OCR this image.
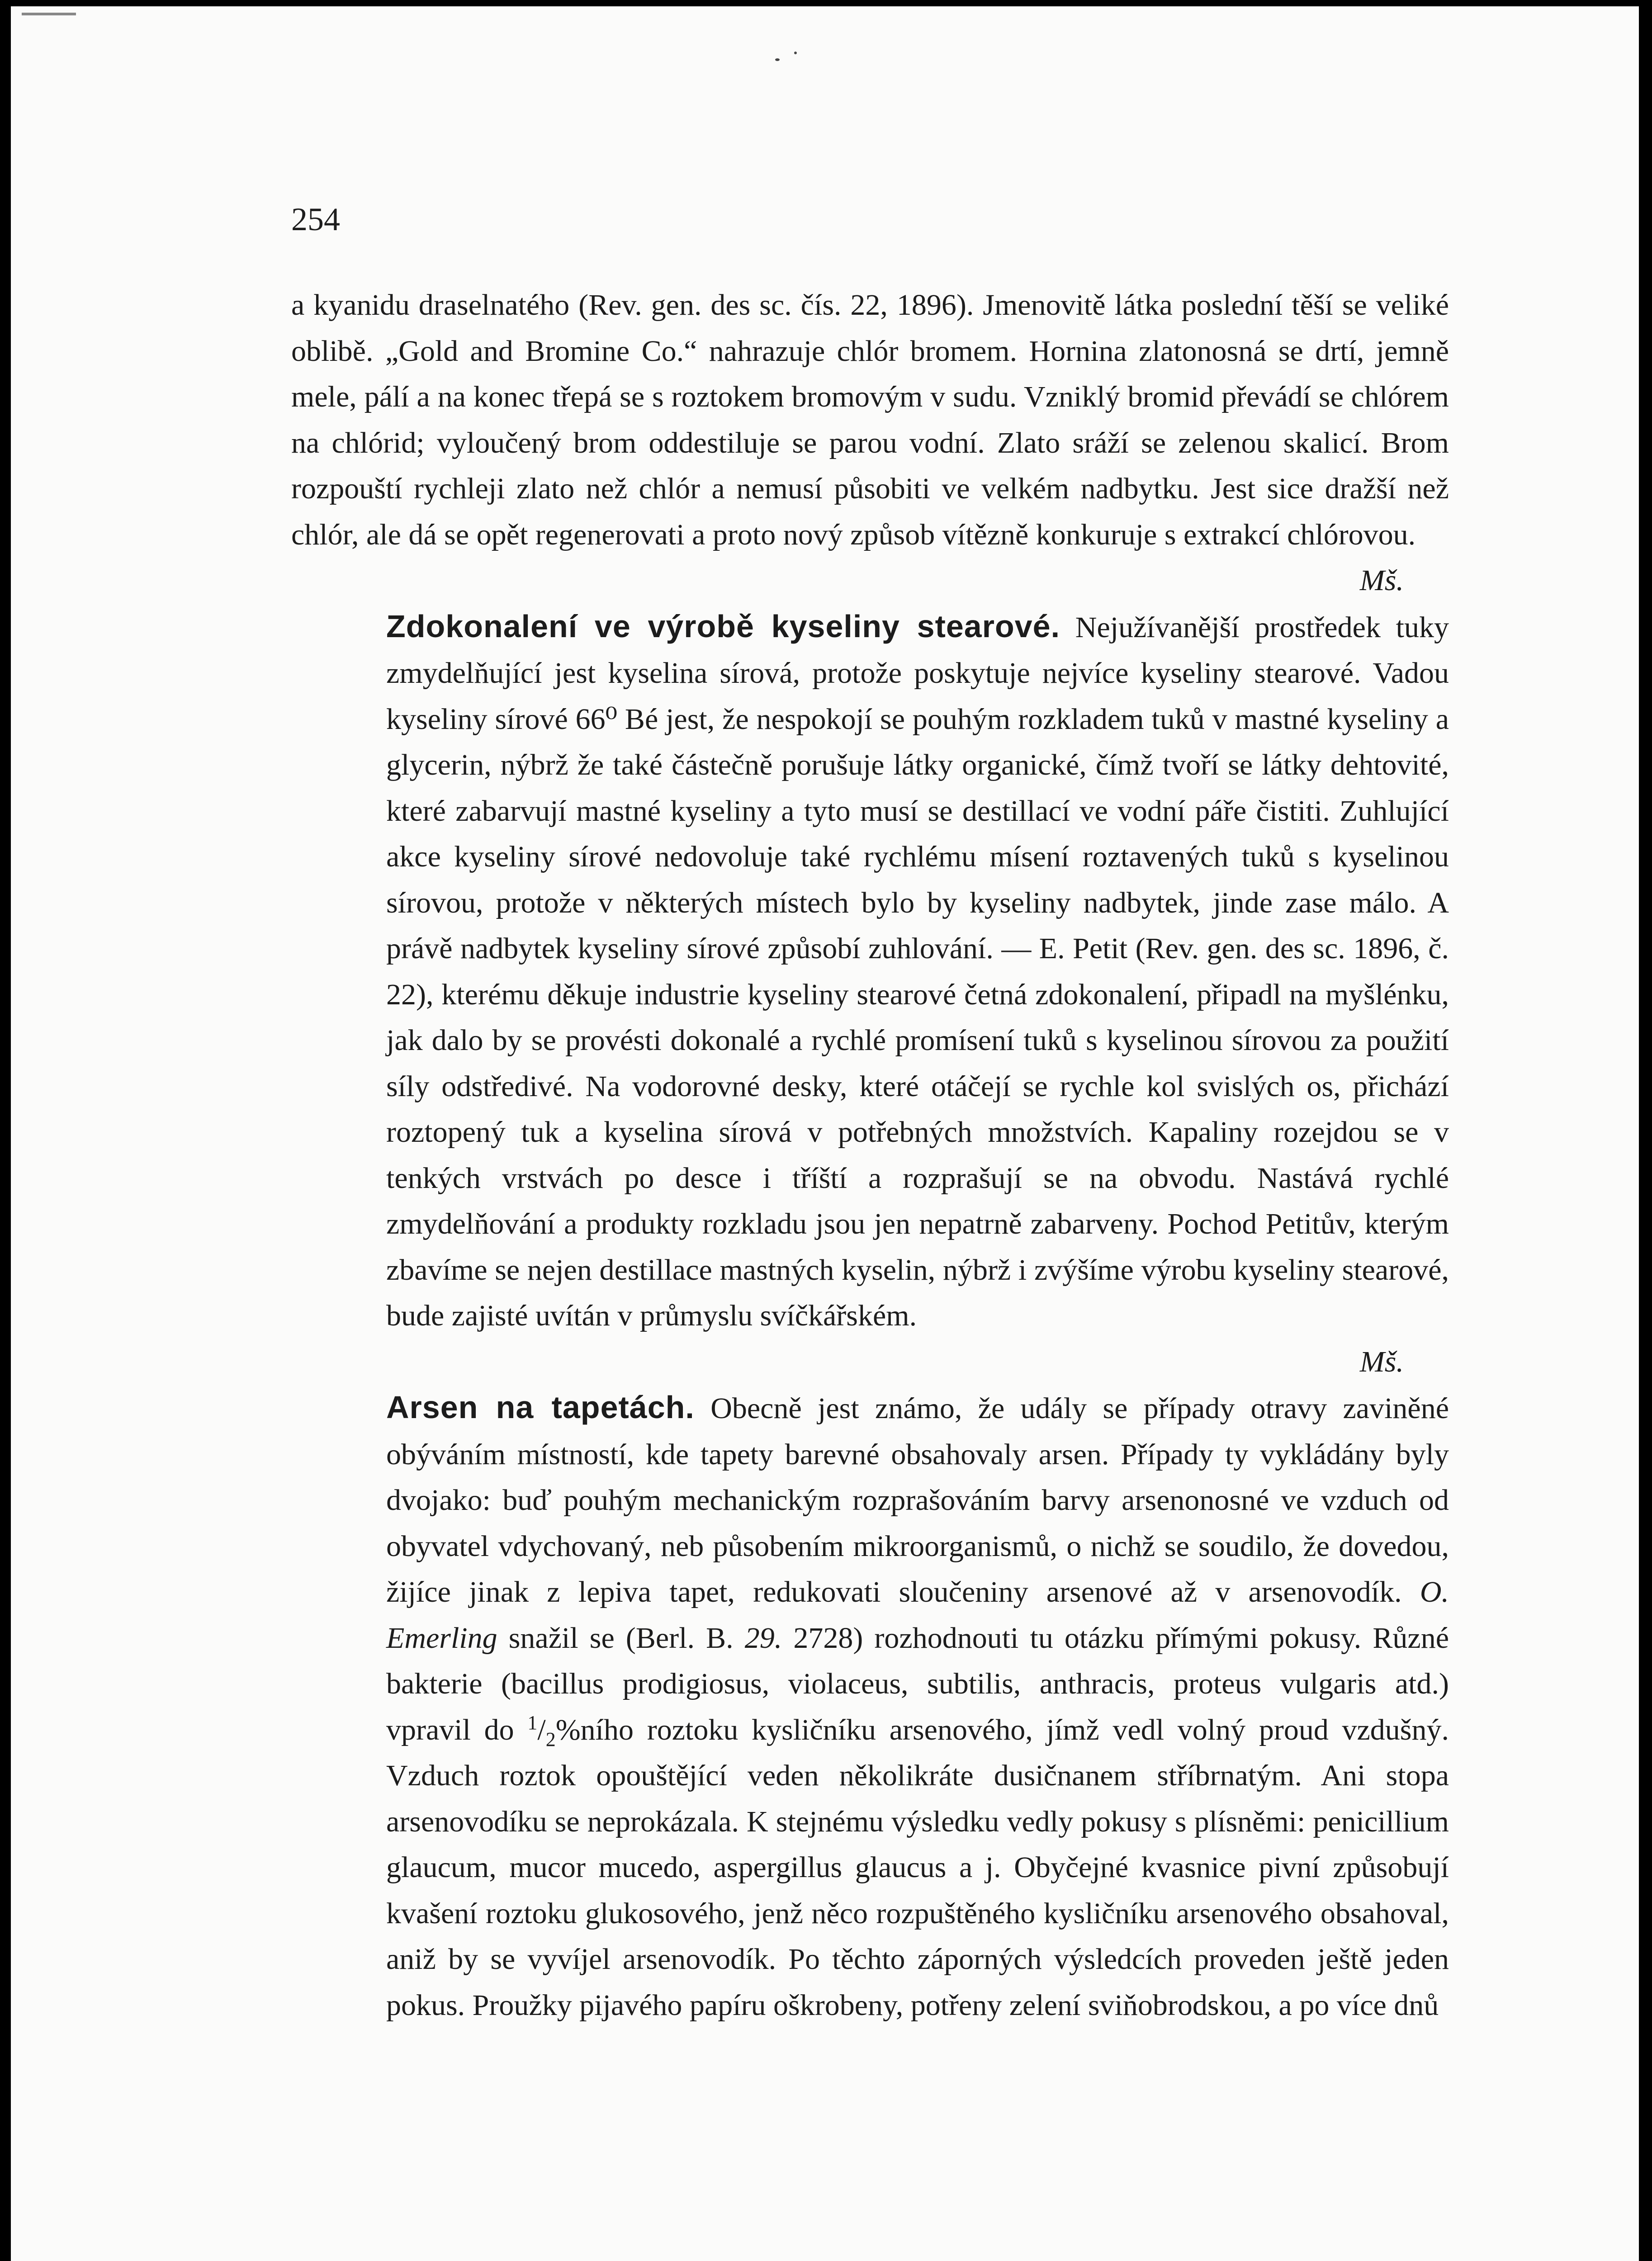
254

a kyanidu draselnatého (Rev. gen. des sc. čís. 22, 1896). Jmenovitě látka poslední těší se veliké oblibě. „Gold and Bromine Co.“ nahrazuje chlór bromem. Hornina zlatonosná se drtí, jemně mele, pálí a na konec třepá se s roztokem bromovým v sudu. Vzniklý bromid převádí se chlórem na chlórid; vyloučený brom oddestiluje se parou vodní. Zlato sráží se zelenou skalicí. Brom rozpouští rychleji zlato než chlór a nemusí působiti ve velkém nadbytku. Jest sice dražší než chlór, ale dá se opět regenerovati a proto nový způsob vítězně konkuruje s extrakcí chlórovou.

Mš.

Zdokonalení ve výrobě kyseliny stearové. Nejužívanější prostředek tuky zmydelňující jest kyselina sírová, protože poskytuje nejvíce kyseliny stearové. Vadou kyseliny sírové 66⁰ Bé jest, že nespokojí se pouhým rozkladem tuků v mastné kyseliny a glycerin, nýbrž že také částečně porušuje látky organické, čímž tvoří se látky dehtovité, které zabarvují mastné kyseliny a tyto musí se destillací ve vodní páře čistiti. Zuhlující akce kyseliny sírové nedovoluje také rychlému mísení roztavených tuků s kyselinou sírovou, protože v některých místech bylo by kyseliny nadbytek, jinde zase málo. A právě nadbytek kyseliny sírové způsobí zuhlování. — E. Petit (Rev. gen. des sc. 1896, č. 22), kterému děkuje industrie kyseliny stearové četná zdokonalení, připadl na myšlénku, jak dalo by se provésti dokonalé a rychlé promísení tuků s kyselinou sírovou za použití síly odstředivé. Na vodorovné desky, které otáčejí se rychle kol svislých os, přichází roztopený tuk a kyselina sírová v potřebných množstvích. Kapaliny rozejdou se v tenkých vrstvách po desce i tříští a rozprašují se na obvodu. Nastává rychlé zmydelňování a produkty rozkladu jsou jen nepatrně zabarveny. Pochod Petitův, kterým zbavíme se nejen destillace mastných kyselin, nýbrž i zvýšíme výrobu kyseliny stearové, bude zajisté uvítán v průmyslu svíčkářském.

Mš.

Arsen na tapetách. Obecně jest známo, že udály se případy otravy zaviněné obýváním místností, kde tapety barevné obsahovaly arsen. Případy ty vykládány byly dvojako: buď pouhým mechanickým rozprašováním barvy arsenonosné ve vzduch od obyvatel vdychovaný, neb působením mikroorganismů, o nichž se soudilo, že dovedou, žijíce jinak z lepiva tapet, redukovati sloučeniny arsenové až v arsenovodík. O. Emerling snažil se (Berl. B. 29. 2728) rozhodnouti tu otázku přímými pokusy. Různé bakterie (bacillus prodigiosus, violaceus, subtilis, anthracis, proteus vulgaris atd.) vpravil do $^1/_2\%ního$ roztoku kysličníku arsenového, jímž vedl volný proud vzdušný. Vzduch roztok opouštějící veden několikráte dusičnanem stříbrnatým. Ani stopa arsenovodíku se neprokázala. K stejnému výsledku vedly pokusy s plísněmi: penicillium glaucum, mucor mucedo, aspergillus glaucus a j. Obyčejné kvasnice pivní způsobují kvašení roztoku glukosového, jenž něco rozpuštěného kysličníku arsenového obsahoval, aniž by se vyvíjel arsenovodík. Po těchto záporných výsledcích proveden ještě jeden pokus. Proužky pijavého papíru oškrobeny, potřeny zelení sviňobrodskou, a po více dnů
